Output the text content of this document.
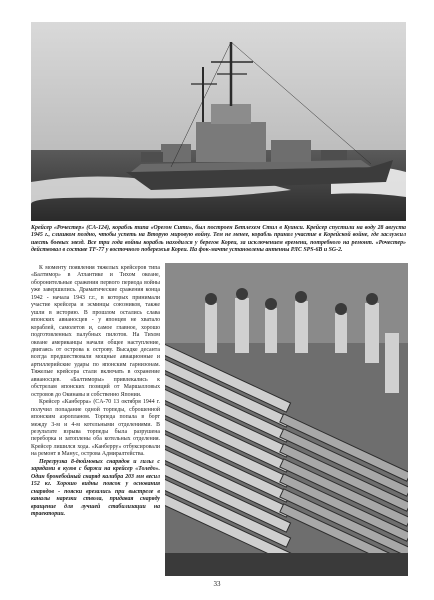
Крейсер «Рочестер» (CA-124), корабль типа «Орегон Сити», был построен Бетлехем Стил в Куинси. Крейсер спустили на воду 28 августа 1945 г., слишком поздно, чтобы успеть на Вторую мировую войну. Тем не менее, корабль принял участие в Корейской войне, где заслужил шесть боевых звезд. Все три года войны корабль находился у берегов Кореи, за исключением времени, потребного на ремонт. «Рочестер» действовал в составе TF-77 у восточного побережья Кореи. На фок-мачте установлены антенны РЛС SPS-6B и SG-2.

К моменту появления тяжелых крейсеров типа «Балтимор» в Атлантике и Тихом океане, оборонительные сражения первого периода войны уже завершились. Драматические сражения конца 1942 - начала 1943 г.г., в которых принимали участие крейсера и эсминцы союзников, также ушли в историю. В прошлом остались слава японских авианосцев - у японцев не хватало кораблей, самолетов и, самое главное, хорошо подготовленных палубных пилотов. На Тихом океане американцы начали общее наступление, двигаясь от острова к острову. Высадке десанта всегда предшествовали мощные авиационные и артиллерийские удары по японским гарнизонам. Тяжелые крейсера стали включать в охранение авианосцев. «Балтиморы» привлекались к обстрелам японских позиций от Маршалловых островов до Окинавы и собственно Японии.

Крейсер «Канберра» (CA-70 13 октября 1944 г. получил попадание одной торпеды, сброшенной японским аэропланом. Торпеда попала в борт между 3-м и 4-м котельными отделениями. В результате взрыва торпеды была разрушена переборка и затоплены оба котельных отделения. Крейсер лишился хода. «Канберру» отбуксировали на ремонт в Манус, острова Адмиралтейства.

Перегрузка 8-дюймовых снарядов и гильз с зарядами в кузов с баржи на крейсер «Толедо». Один бронебойный снаряд калибра 203 мм весил 152 кг. Хорошо видны поясок у основания снарядов - пояски врезались при выстреле в каналы нарезки ствола, придавая снаряду вращение для лучшей стабилизации на траектории.

33
